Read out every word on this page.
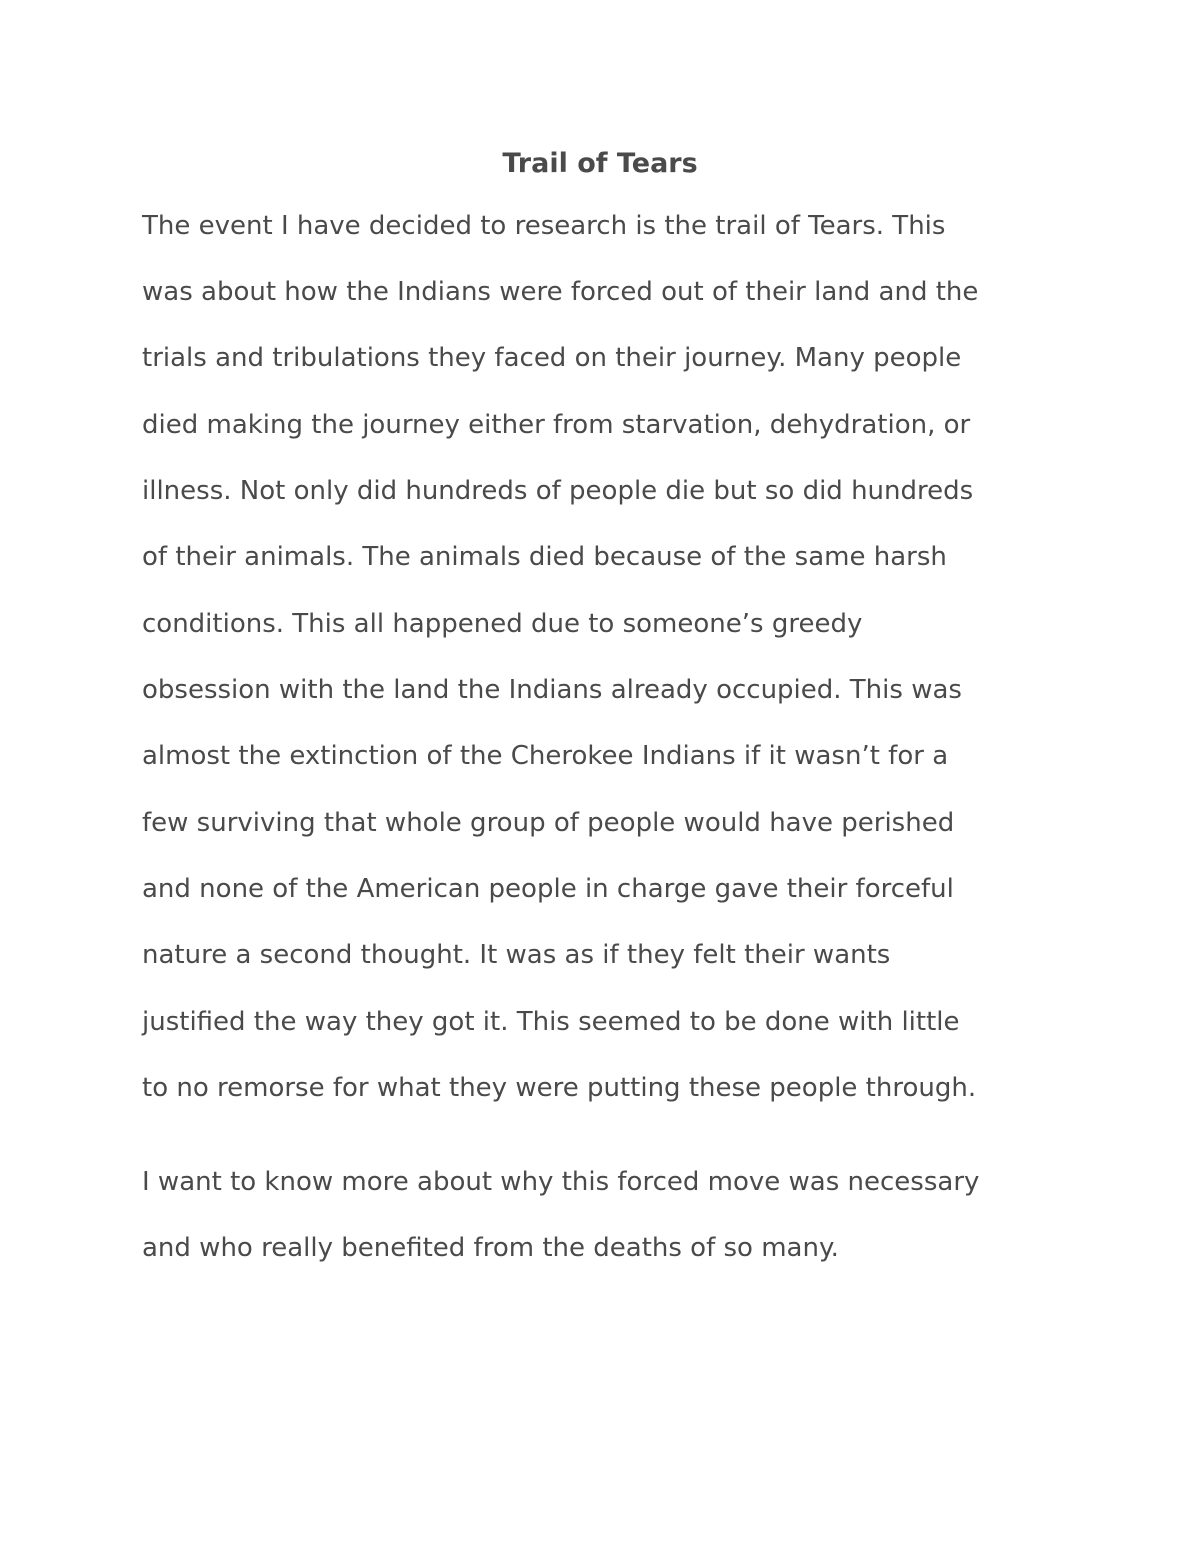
Trail of Tears
The event I have decided to research is the trail of Tears. This
was about how the Indians were forced out of their land and the
trials and tribulations they faced on their journey. Many people
died making the journey either from starvation, dehydration, or
illness. Not only did hundreds of people die but so did hundreds
of their animals. The animals died because of the same harsh
conditions. This all happened due to someone’s greedy
obsession with the land the Indians already occupied. This was
almost the extinction of the Cherokee Indians if it wasn’t for a
few surviving that whole group of people would have perished
and none of the American people in charge gave their forceful
nature a second thought. It was as if they felt their wants
justified the way they got it. This seemed to be done with little
to no remorse for what they were putting these people through.
I want to know more about why this forced move was necessary
and who really benefited from the deaths of so many.
